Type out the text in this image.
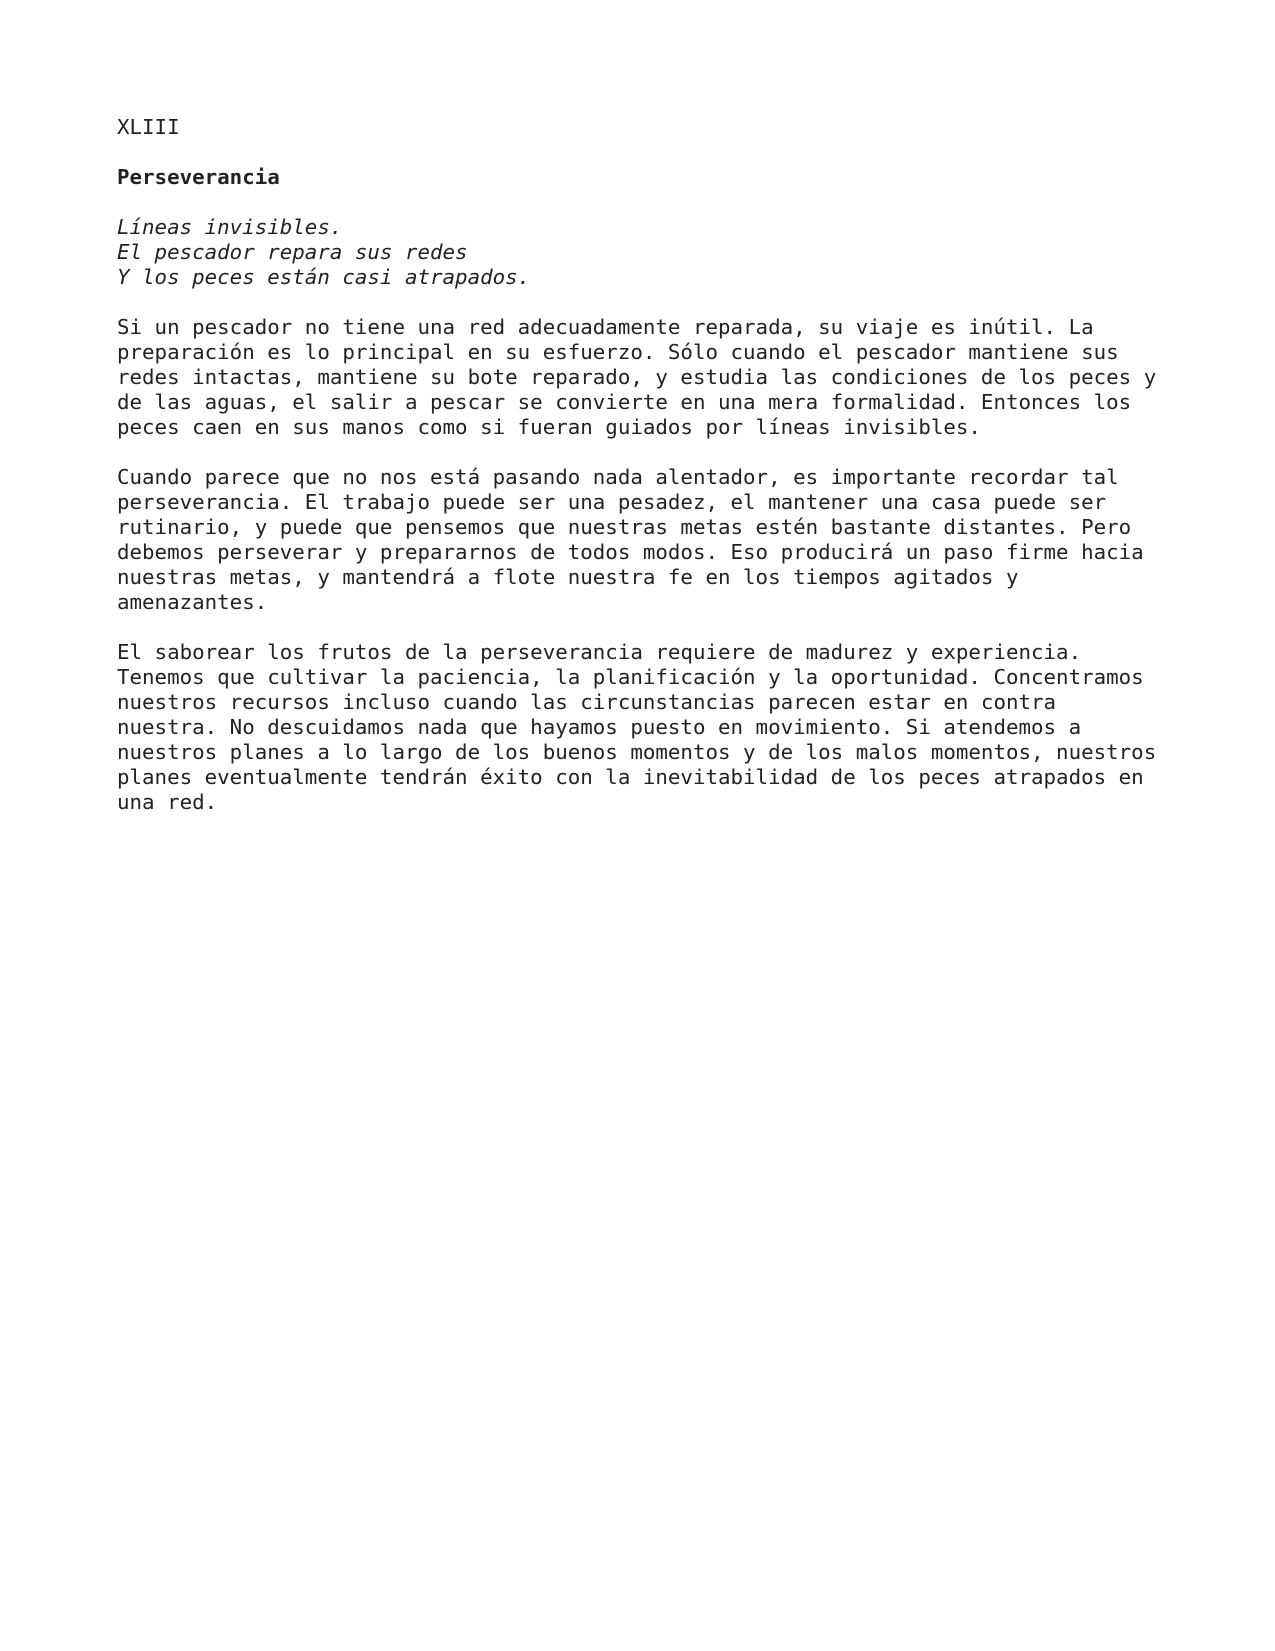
XLIII

Perseverancia

Líneas invisibles.
El pescador repara sus redes
Y los peces están casi atrapados.

Si un pescador no tiene una red adecuadamente reparada, su viaje es inútil. La
preparación es lo principal en su esfuerzo. Sólo cuando el pescador mantiene sus
redes intactas, mantiene su bote reparado, y estudia las condiciones de los peces y
de las aguas, el salir a pescar se convierte en una mera formalidad. Entonces los
peces caen en sus manos como si fueran guiados por líneas invisibles.

Cuando parece que no nos está pasando nada alentador, es importante recordar tal
perseverancia. El trabajo puede ser una pesadez, el mantener una casa puede ser
rutinario, y puede que pensemos que nuestras metas estén bastante distantes. Pero
debemos perseverar y prepararnos de todos modos. Eso producirá un paso firme hacia
nuestras metas, y mantendrá a flote nuestra fe en los tiempos agitados y
amenazantes.

El saborear los frutos de la perseverancia requiere de madurez y experiencia.
Tenemos que cultivar la paciencia, la planificación y la oportunidad. Concentramos
nuestros recursos incluso cuando las circunstancias parecen estar en contra
nuestra. No descuidamos nada que hayamos puesto en movimiento. Si atendemos a
nuestros planes a lo largo de los buenos momentos y de los malos momentos, nuestros
planes eventualmente tendrán éxito con la inevitabilidad de los peces atrapados en
una red.
